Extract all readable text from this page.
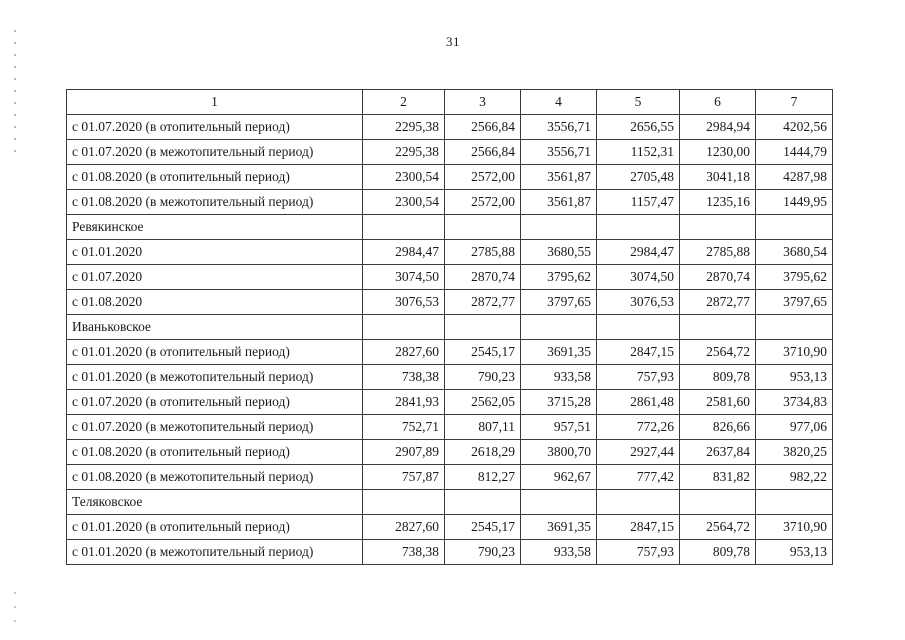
31
1	2	3	4	5	6	7
с 01.07.2020 (в отопительный период)	2295,38	2566,84	3556,71	2656,55	2984,94	4202,56
с 01.07.2020 (в межотопительный период)	2295,38	2566,84	3556,71	1152,31	1230,00	1444,79
с 01.08.2020 (в отопительный период)	2300,54	2572,00	3561,87	2705,48	3041,18	4287,98
с 01.08.2020 (в межотопительный период)	2300,54	2572,00	3561,87	1157,47	1235,16	1449,95
Ревякинское						
с 01.01.2020	2984,47	2785,88	3680,55	2984,47	2785,88	3680,54
с 01.07.2020	3074,50	2870,74	3795,62	3074,50	2870,74	3795,62
с 01.08.2020	3076,53	2872,77	3797,65	3076,53	2872,77	3797,65
Иваньковское						
с 01.01.2020 (в отопительный период)	2827,60	2545,17	3691,35	2847,15	2564,72	3710,90
с 01.01.2020 (в межотопительный период)	738,38	790,23	933,58	757,93	809,78	953,13
с 01.07.2020 (в отопительный период)	2841,93	2562,05	3715,28	2861,48	2581,60	3734,83
с 01.07.2020 (в межотопительный период)	752,71	807,11	957,51	772,26	826,66	977,06
с 01.08.2020 (в отопительный период)	2907,89	2618,29	3800,70	2927,44	2637,84	3820,25
с 01.08.2020 (в межотопительный период)	757,87	812,27	962,67	777,42	831,82	982,22
Теляковское						
с 01.01.2020 (в отопительный период)	2827,60	2545,17	3691,35	2847,15	2564,72	3710,90
с 01.01.2020 (в межотопительный период)	738,38	790,23	933,58	757,93	809,78	953,13
